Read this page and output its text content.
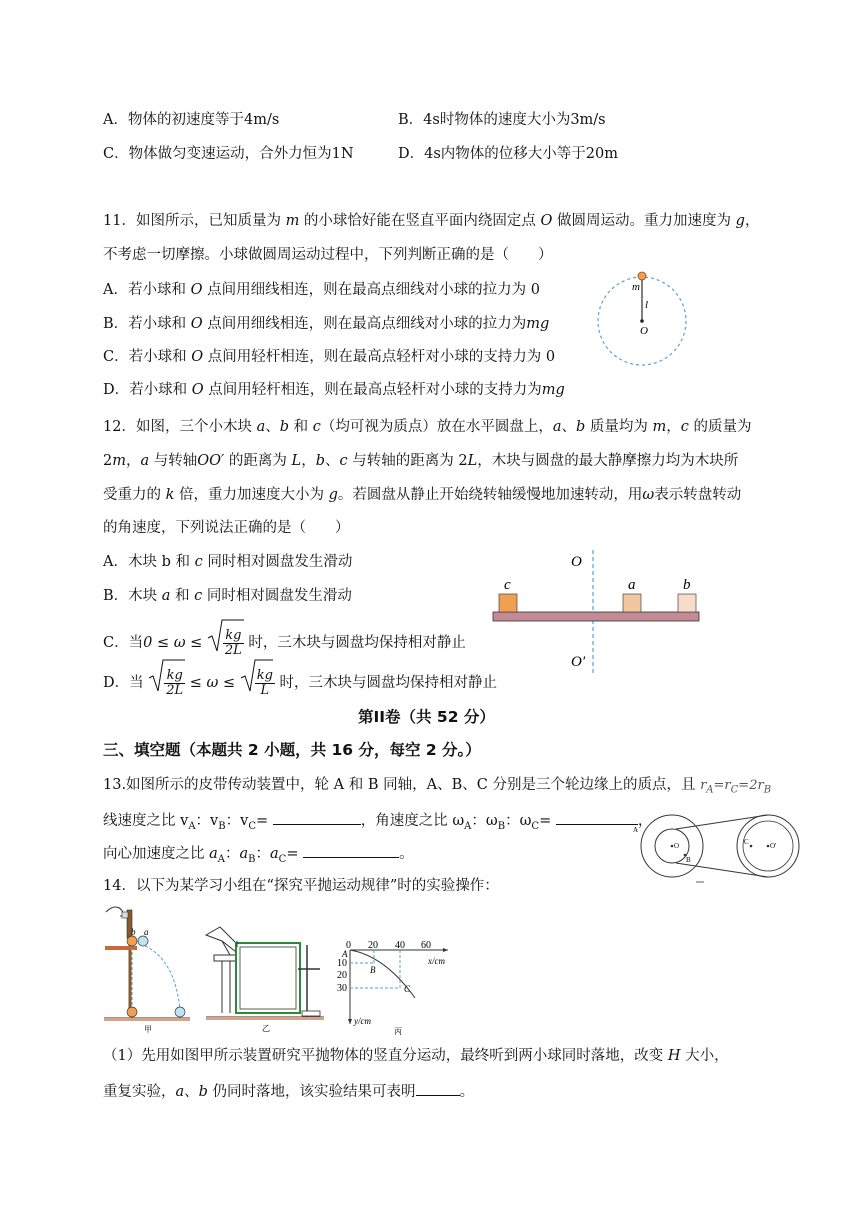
A．物体的初速度等于4m/s	B．4s时物体的速度大小为3m/s
C．物体做匀变速运动，合外力恒为1N	D．4s内物体的位移大小等于20m
11．如图所示，已知质量为 m 的小球恰好能在竖直平面内绕固定点 O 做圆周运动。重力加速度为 g，
不考虑一切摩擦。小球做圆周运动过程中，下列判断正确的是（　　）
A．若小球和 O 点间用细线相连，则在最高点细线对小球的拉力为 0
B．若小球和 O 点间用细线相连，则在最高点细线对小球的拉力为mg
C．若小球和 O 点间用轻杆相连，则在最高点轻杆对小球的支持力为 0
D．若小球和 O 点间用轻杆相连，则在最高点轻杆对小球的支持力为mg
m
l
O
12．如图，三个小木块 a、b 和 c（均可视为质点）放在水平圆盘上，a、b 质量均为 m，c 的质量为
2m，a 与转轴OO′ 的距离为 L，b、c 与转轴的距离为 2L，木块与圆盘的最大静摩擦力均为木块所
受重力的 k 倍，重力加速度大小为 g。若圆盘从静止开始绕转轴缓慢地加速转动，用ω表示转盘转动
的角速度，下列说法正确的是（　　）
A．木块 b 和 c 同时相对圆盘发生滑动
B．木块 a 和 c 同时相对圆盘发生滑动
C．当$0 \le \omega \le \frac{kg}{2L}$ 时，三木块与圆盘均保持相对静止
D．当 $\frac{kg}{2L} \le \omega \le \frac{kg}{L}$ 时，三木块与圆盘均保持相对静止
O
O′
c	a	b
第II卷（共 52 分）
三、填空题（本题共 2 小题，共 16 分，每空 2 分。）
13.如图所示的皮带传动装置中，轮 A 和 B 同轴，A、B、C 分别是三个轮边缘上的质点，且 $r_A=r_C=2r_B$
线速度之比 $v_A$：$v_B$：$v_C=$	，角速度之比 $\omega_A$：$\omega_B$：$\omega_C=$	，
向心加速度之比 $a_A$：$a_B$：$a_C=$	。
A
O
B
C	O'
14．以下为某学习小组在“探究平抛运动规律”时的实验操作：
b a
甲	乙
0 20 40 60
10
20
30
x/cm
y/cm
A
B
C
丙
（1）先用如图甲所示装置研究平抛物体的竖直分运动，最终听到两小球同时落地，改变 H 大小，
重复实验，a、b 仍同时落地，该实验结果可表明	。
